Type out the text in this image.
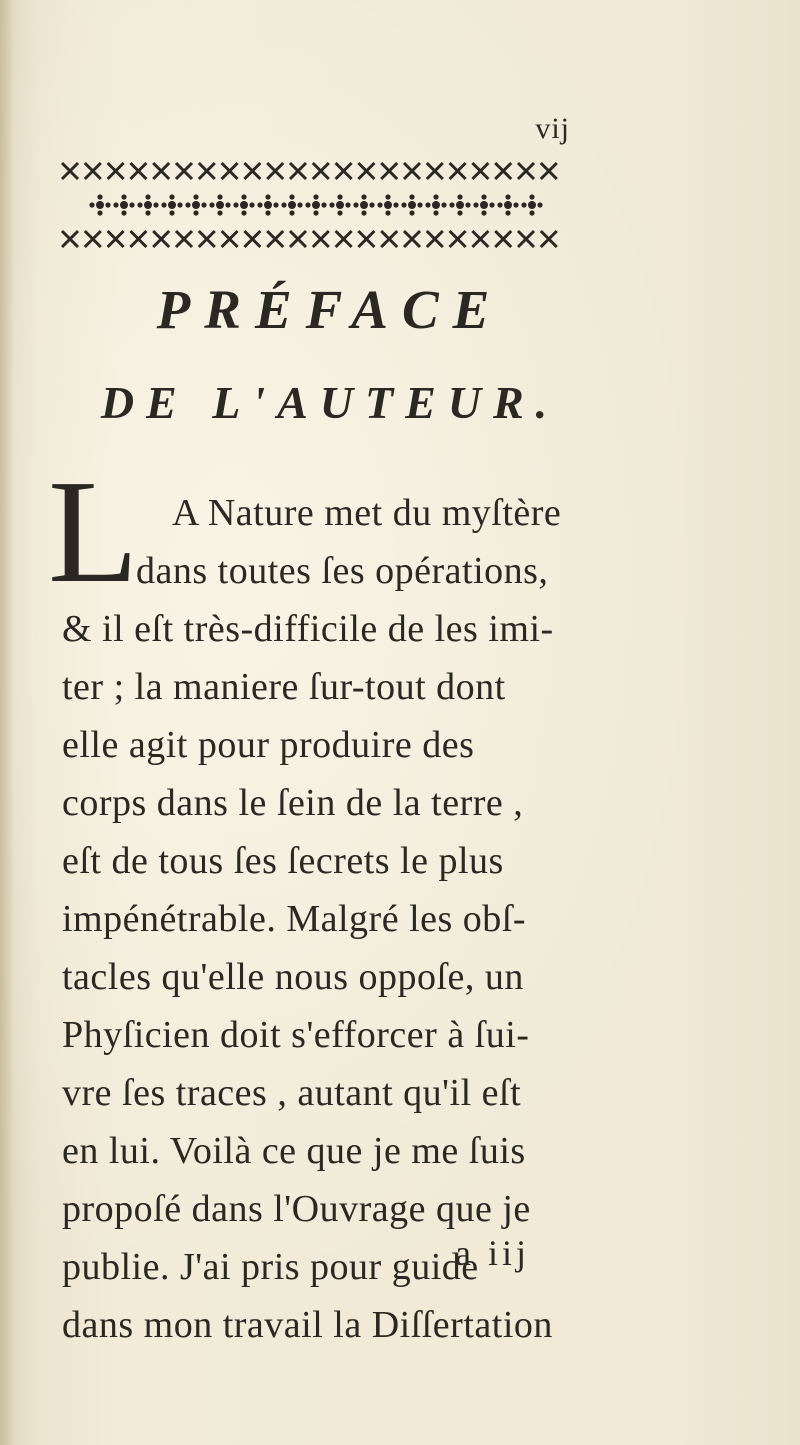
vij
PRÉFACE
DE L'AUTEUR.
L A Nature met du myſtère
dans toutes ſes opérations,
& il eſt très-difficile de les imi-
ter ; la maniere ſur-tout dont
elle agit pour produire des
corps dans le ſein de la terre ,
eſt de tous ſes ſecrets le plus
impénétrable. Malgré les obſ-
tacles qu'elle nous oppoſe, un
Phyſicien doit s'efforcer à ſui-
vre ſes traces , autant qu'il eſt
en lui. Voilà ce que je me ſuis
propoſé dans l'Ouvrage que je
publie. J'ai pris pour guide
dans mon travail la Diſſertation
a iij
